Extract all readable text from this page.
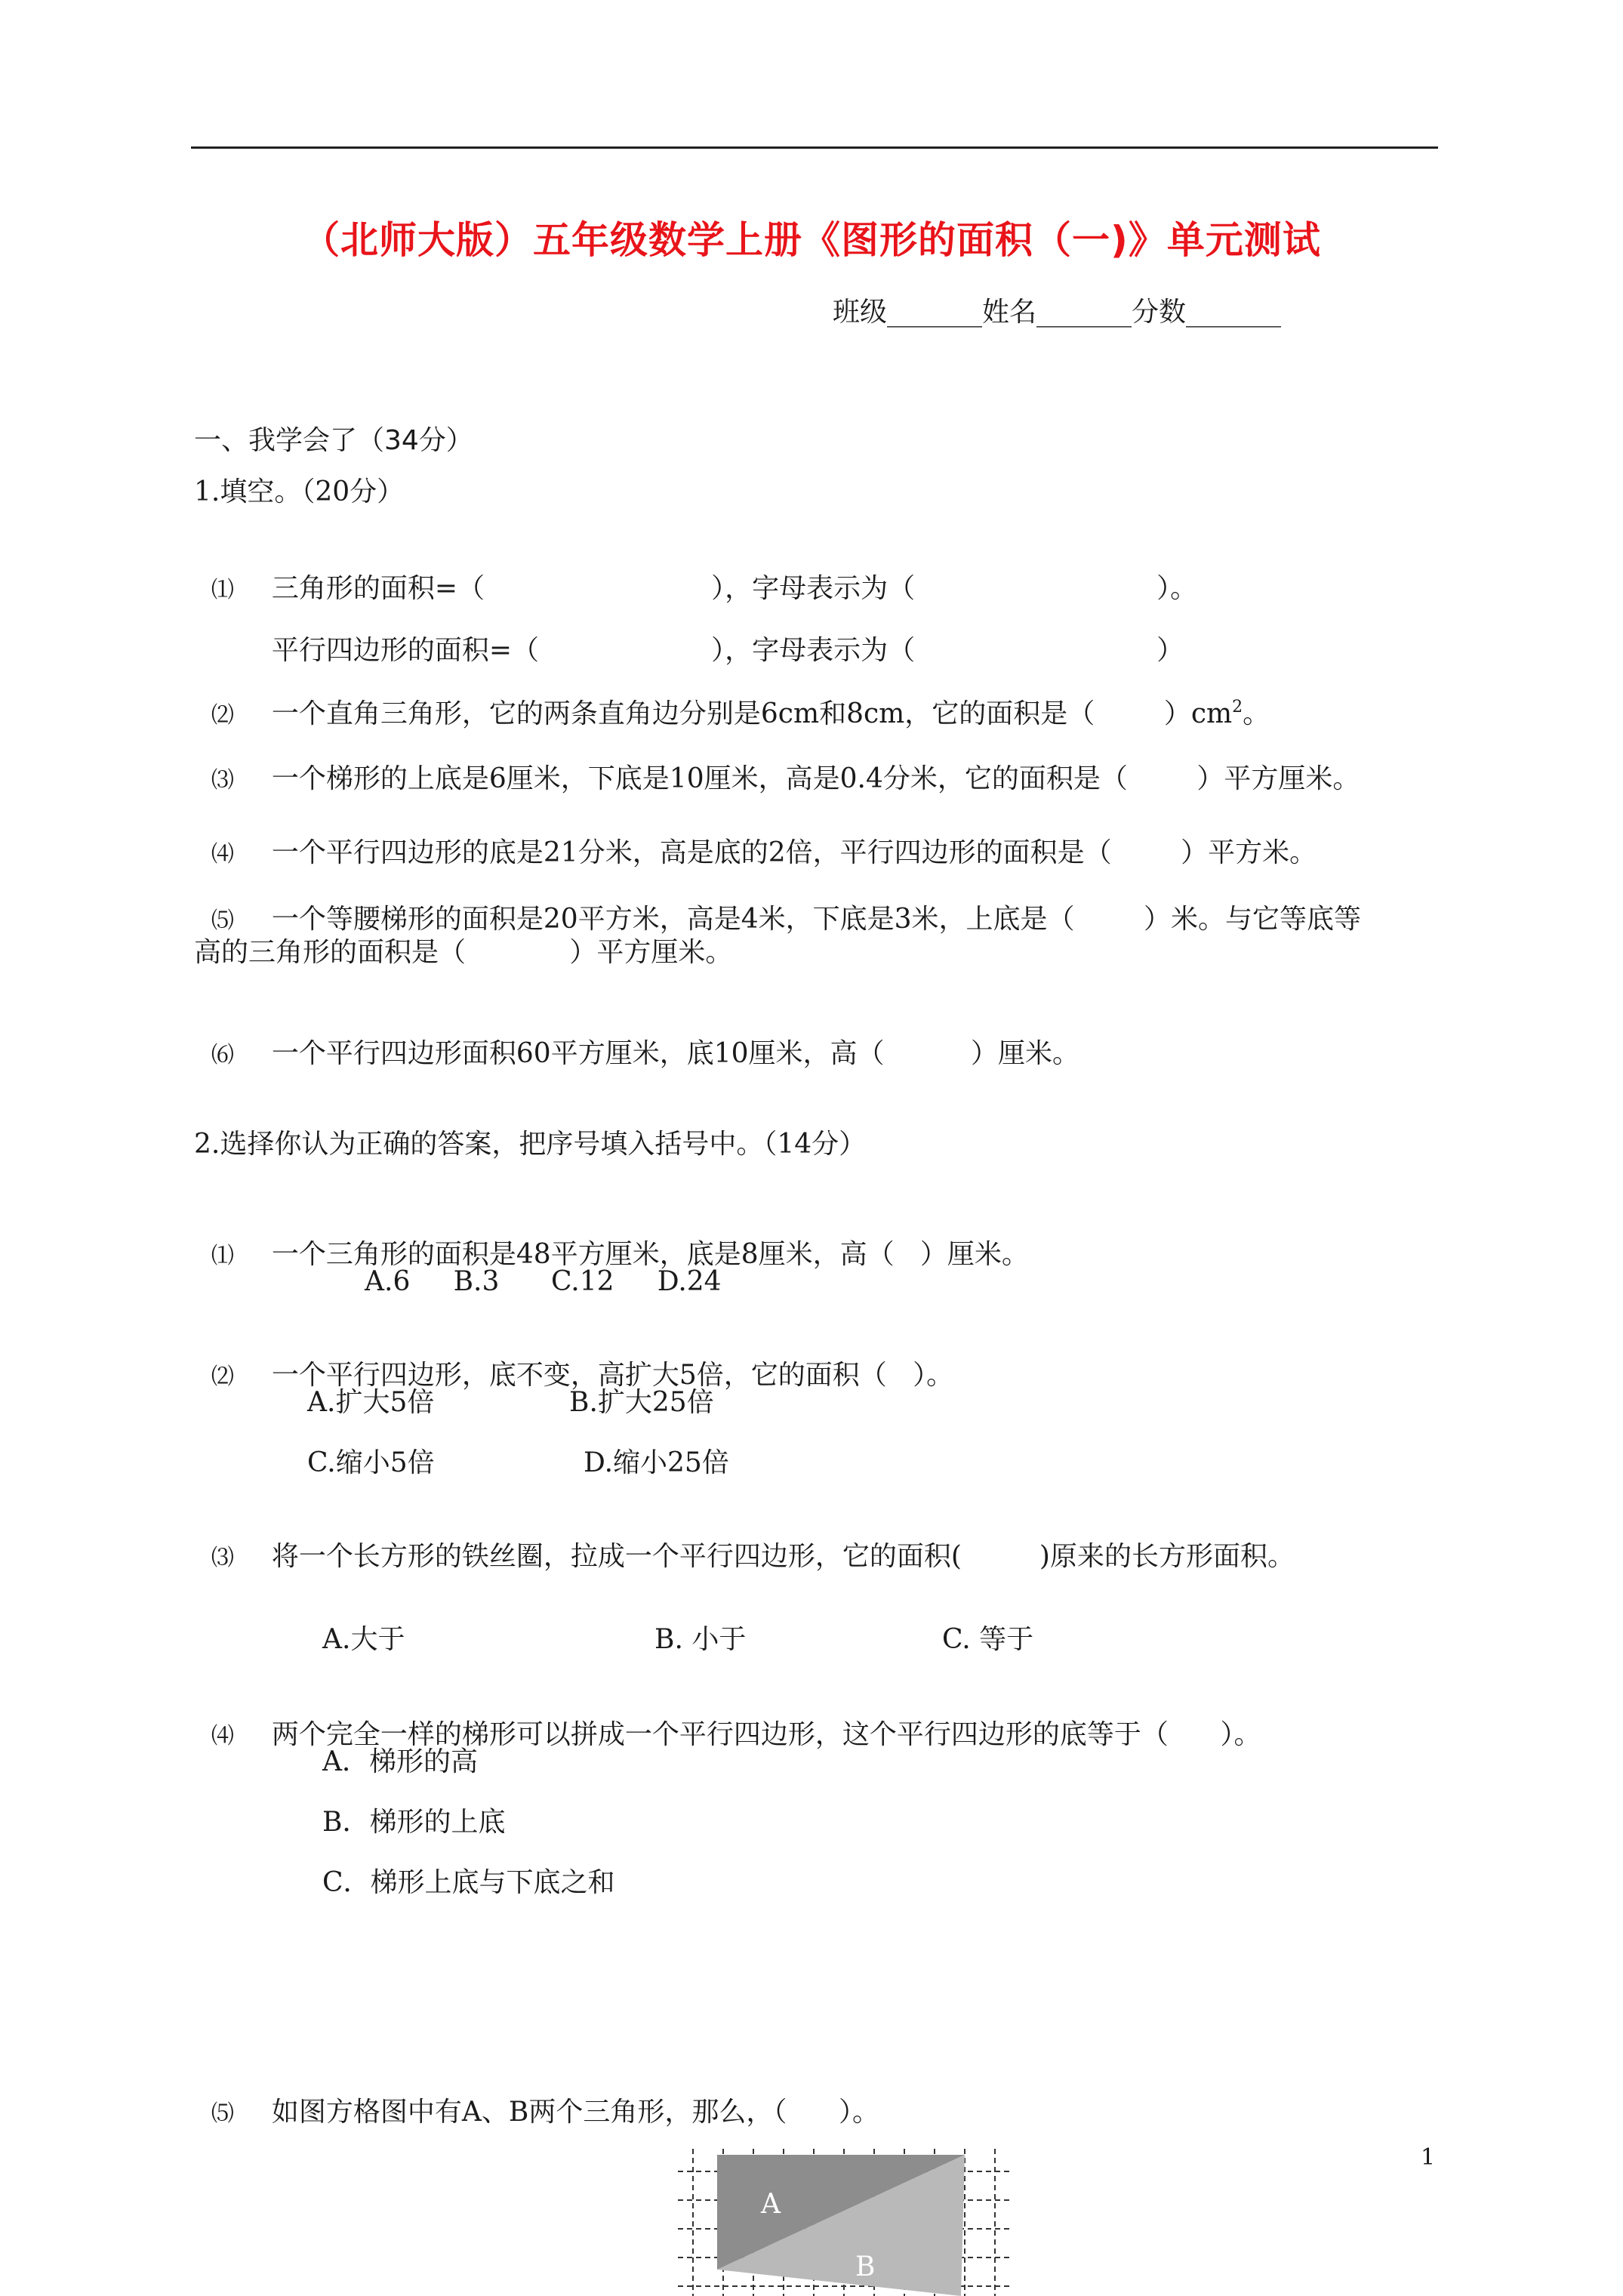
（北师大版）五年级数学上册《图形的面积（一)》单元测试
班级_______姓名_______分数_______
一、我学会了（34分）
1.填空。（20分）

⑴ 三角形的面积=（	），字母表示为（	）。

平行四边形的面积=（	），字母表示为（	）

⑵ 一个直角三角形，它的两条直角边分别是6cm和8cm，它的面积是（        ）$cm^2$。

⑶ 一个梯形的上底是6厘米，下底是10厘米，高是0.4分米，它的面积是（        ）平方厘米。

⑷ 一个平行四边形的底是21分米，高是底的2倍，平行四边形的面积是（        ）平方米。

⑸ 一个等腰梯形的面积是20平方米，高是4米，下底是3米，上底是（        ）米。与它等底等

高的三角形的面积是（            ）平方厘米。

⑹ 一个平行四边形面积60平方厘米，底10厘米，高（          ）厘米。

2.选择你认为正确的答案，把序号填入括号中。（14分）

⑴ 一个三角形的面积是48平方厘米，底是8厘米，高（   ）厘米。

A.6     B.3      C.12     D.24

⑵ 一个平行四边形，底不变，高扩大5倍，它的面积（   ）。

A.扩大5倍	B.扩大25倍
C.缩小5倍	D.缩小25倍

⑶ 将一个长方形的铁丝圈，拉成一个平行四边形，它的面积(         )原来的长方形面积。

A.大于	B. 小于	C. 等于

⑷ 两个完全一样的梯形可以拼成一个平行四边形，这个平行四边形的底等于（      ）。

A．梯形的高
B．梯形的上底
C．梯形上底与下底之和

⑸ 如图方格图中有A、B两个三角形，那么，（      ）。

A
B
1
